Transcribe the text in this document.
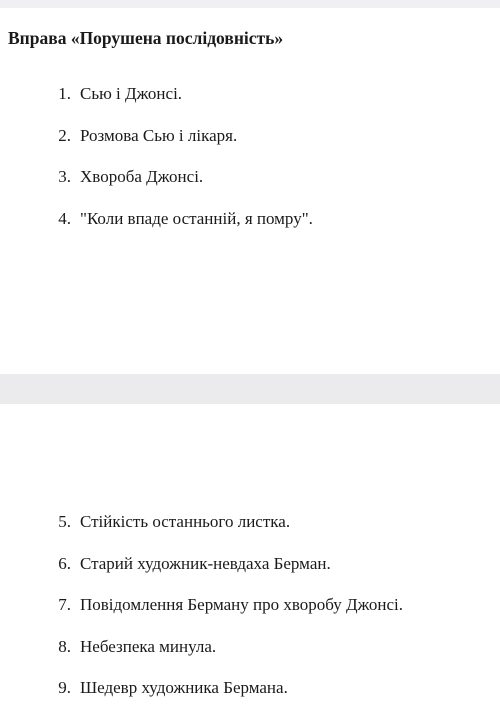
Вправа «Порушена послідовність»
1. Сью і Джонсі.
2. Розмова Сью і лікаря.
3. Хвороба Джонсі.
4. "Коли впаде останній, я помру".
5. Стійкість останнього листка.
6. Старий художник-невдаха Берман.
7. Повідомлення Берману про хворобу Джонсі.
8. Небезпека минула.
9. Шедевр художника Бермана.
